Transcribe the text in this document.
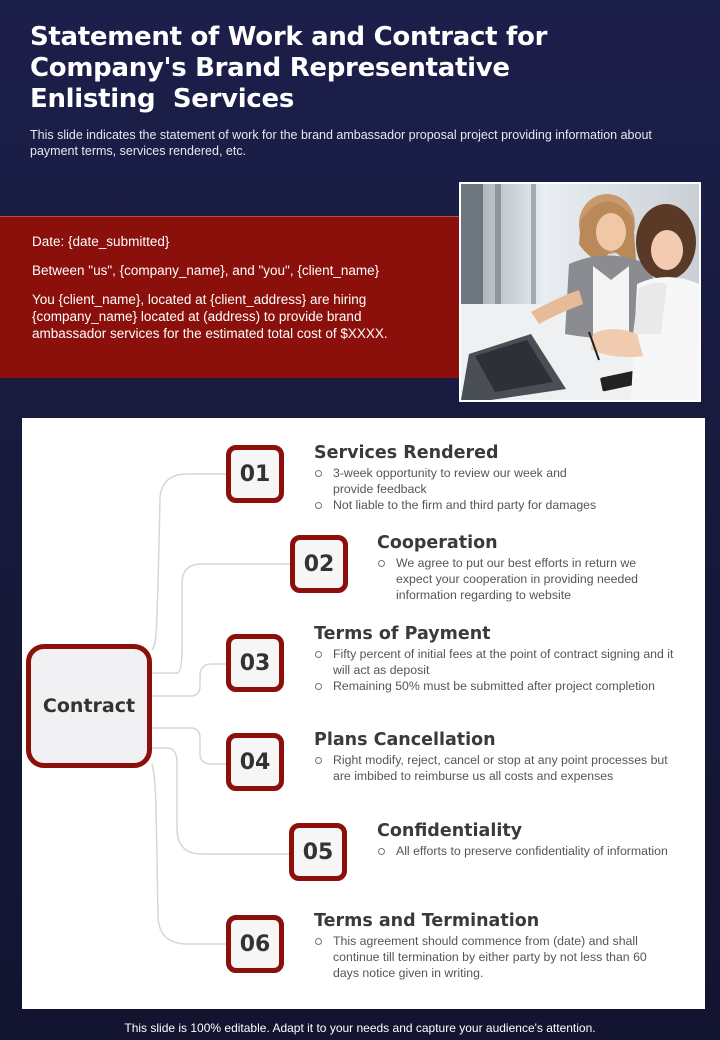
Statement of Work and Contract for
Company's Brand Representative
Enlisting  Services
This slide indicates the statement of work for the brand ambassador proposal project providing information about payment terms, services rendered, etc.

Date: {date_submitted}

Between "us", {company_name}, and "you", {client_name}

You {client_name}, located at {client_address} are hiring {company_name} located at (address) to provide brand ambassador services for the estimated total cost of $XXXX.

Contract
01
Services Rendered
3-week opportunity to review our week and provide feedback
Not liable to the firm and third party for damages
02
Cooperation
We agree to put our best efforts in return we expect your cooperation in providing needed information regarding to website
03
Terms of Payment
Fifty percent of initial fees at the point of contract signing and it will act as deposit
Remaining 50% must be submitted after project completion
04
Plans Cancellation
Right modify, reject, cancel or stop at any point processes but are imbibed to reimburse us all costs and expenses
05
Confidentiality
All efforts to preserve confidentiality of information
06
Terms and Termination
This agreement should commence from (date) and shall continue till termination by either party by not less than 60 days notice given in writing.
This slide is 100% editable. Adapt it to your needs and capture your audience's attention.
